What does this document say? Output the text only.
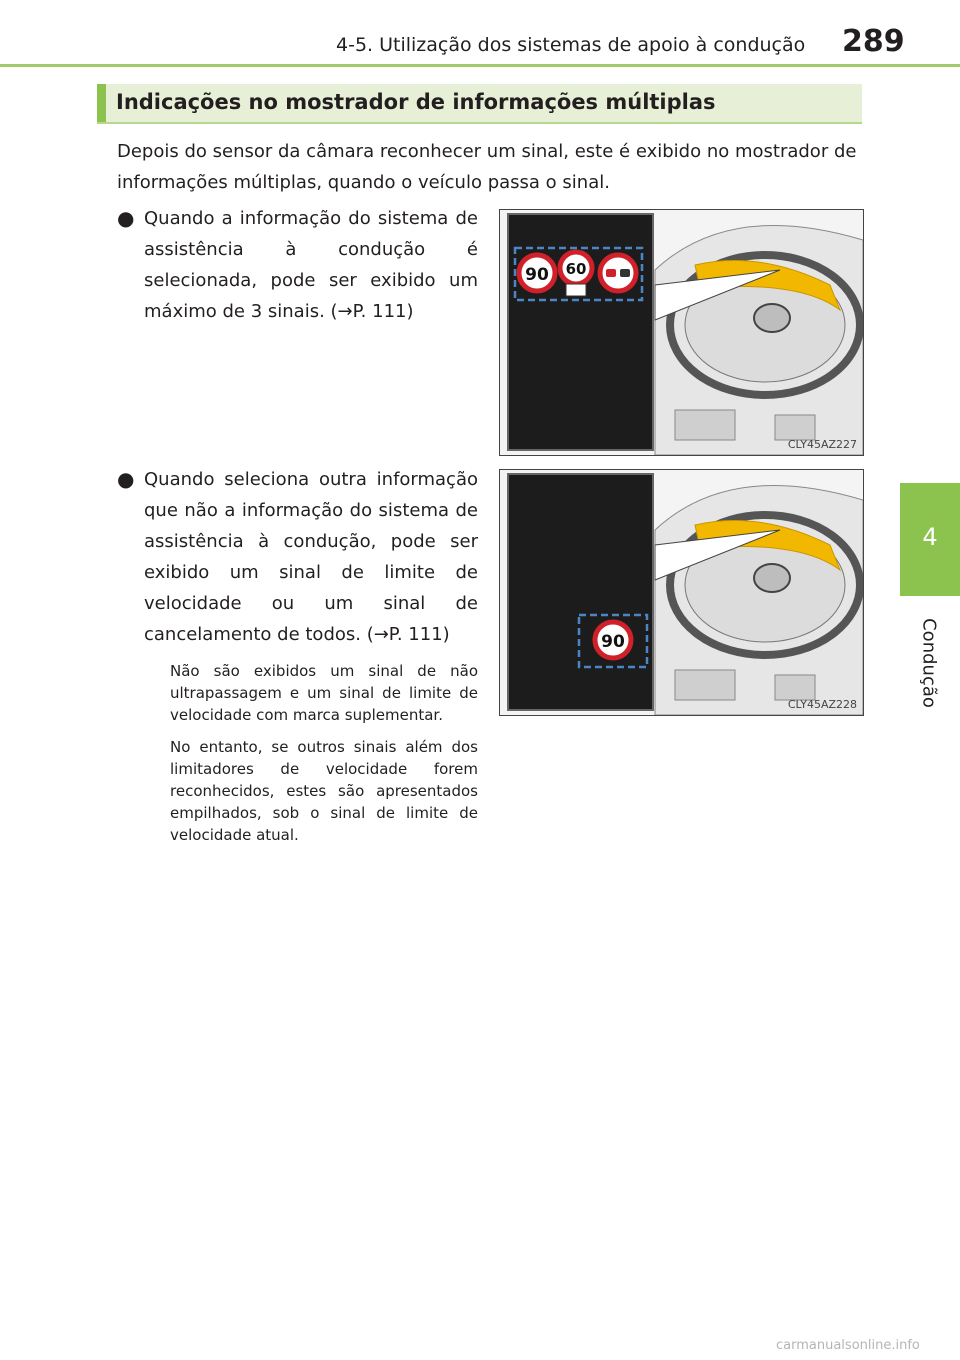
4-5. Utilização dos sistemas de apoio à condução 289
4
Condução
Indicações no mostrador de informações múltiplas
Depois do sensor da câmara reconhecer um sinal, este é exibido no mostrador de informações múltiplas, quando o veículo passa o sinal.
● Quando a informação do sistema de assistência à condução é selecionada, pode ser exibido um máximo de 3 sinais. (→P. 111)
● Quando seleciona outra informação que não a informação do sistema de assistência à condução, pode ser exibido um sinal de limite de velocidade ou um sinal de cancelamento de todos. (→P. 111)
Não são exibidos um sinal de não ultrapassagem e um sinal de limite de velocidade com marca suplementar.
No entanto, se outros sinais além dos limitadores de velocidade forem reconhecidos, estes são apresentados empilhados, sob o sinal de limite de velocidade atual.
90 60
CLY45AZ227
90
CLY45AZ228
carmanualsonline.info
